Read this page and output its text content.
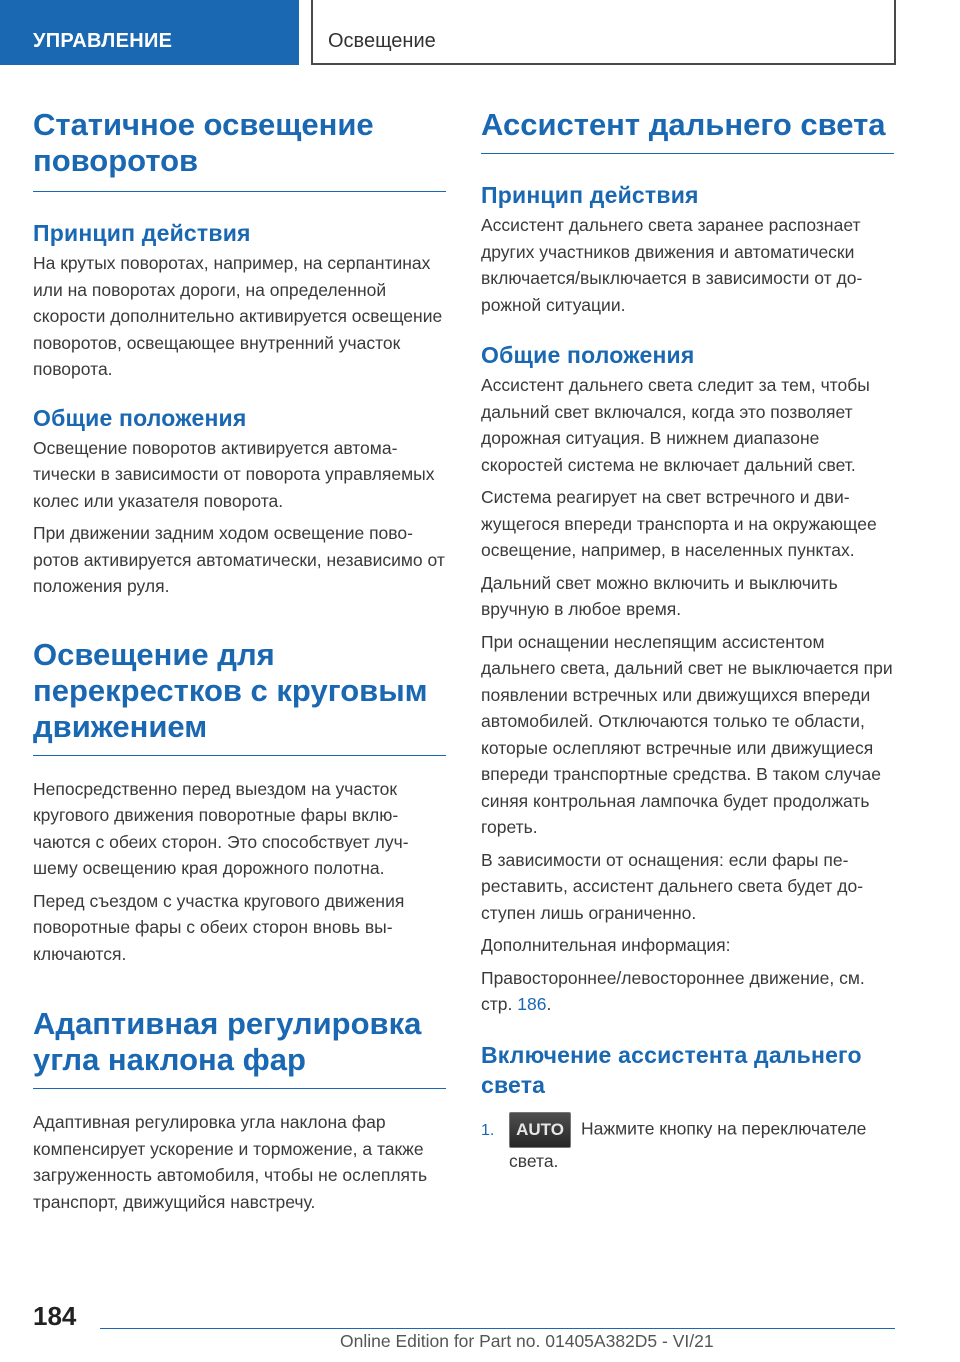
УПРАВЛЕНИЕ	Освещение
Статичное освещение поворотов
Принцип действия

На крутых поворотах, например, на серпантинах или на поворотах дороги, на определенной скорости дополнительно активируется освещение поворотов, освещающее внутренний участок поворота.

Общие положения

Освещение поворотов активируется автоматически в зависимости от поворота управляемых колес или указателя поворота.

При движении задним ходом освещение поворотов активируется автоматически, независимо от положения руля.

Освещение для перекрестков с круговым движением

Непосредственно перед выездом на участок кругового движения поворотные фары включаются с обеих сторон. Это способствует лучшему освещению края дорожного полотна.

Перед съездом с участка кругового движения поворотные фары с обеих сторон вновь выключаются.

Адаптивная регулировка угла наклона фар

Адаптивная регулировка угла наклона фар компенсирует ускорение и торможение, а также загруженность автомобиля, чтобы не ослеплять транспорт, движущийся навстречу.

Ассистент дальнего света
Принцип действия

Ассистент дальнего света заранее распознает других участников движения и автоматически включается/выключается в зависимости от дорожной ситуации.

Общие положения

Ассистент дальнего света следит за тем, чтобы дальний свет включался, когда это позволяет дорожная ситуация. В нижнем диапазоне скоростей система не включает дальний свет.

Система реагирует на свет встречного и движущегося впереди транспорта и на окружающее освещение, например, в населенных пунктах.

Дальний свет можно включить и выключить вручную в любое время.

При оснащении неслепящим ассистентом дальнего света, дальний свет не выключается при появлении встречных или движущихся впереди автомобилей. Отключаются только те области, которые ослепляют встречные или движущиеся впереди транспортные средства. В таком случае синяя контрольная лампочка будет продолжать гореть.

В зависимости от оснащения: если фары переставить, ассистент дальнего света будет доступен лишь ограниченно.

Дополнительная информация:

Правостороннее/левостороннее движение, см. стр. 186.

Включение ассистента дальнего света
1.	AUTO Нажмите кнопку на переключателе света.

184
Online Edition for Part no. 01405A382D5 - VI/21
